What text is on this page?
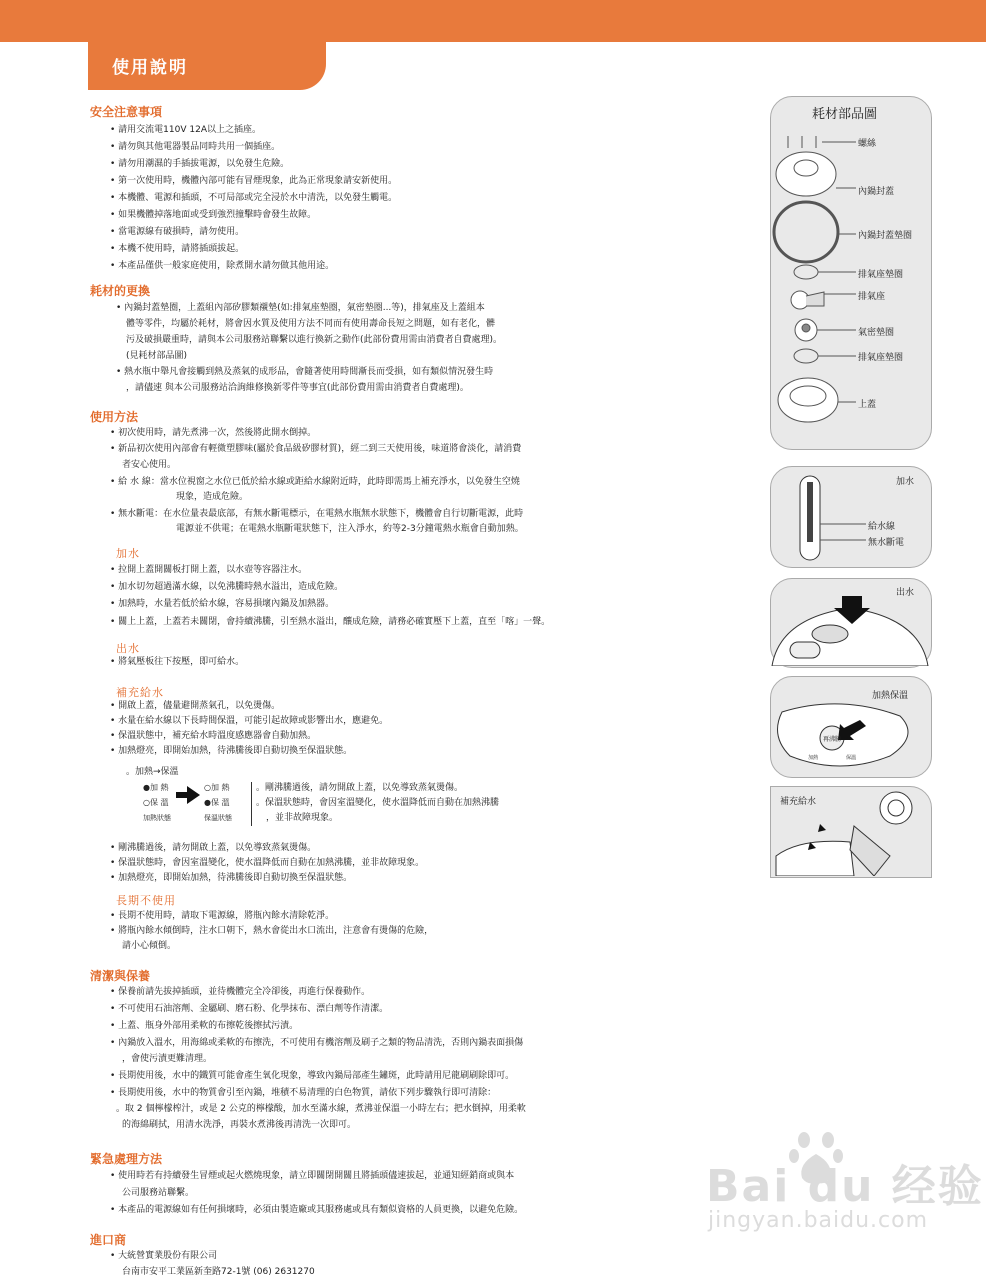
使用說明
安全注意事項
• 請用交流電110V 12A以上之插座。
• 請勿與其他電器製品同時共用一個插座。
• 請勿用潮濕的手插拔電源，以免發生危險。
• 第一次使用時，機體內部可能有冒煙現象，此為正常現象請安新使用。
• 本機體、電源和插頭，不可局部或完全浸於水中清洗，以免發生觸電。
• 如果機體掉落地面或受到強烈撞擊時會發生故障。
• 當電源線有破損時，請勿使用。
• 本機不使用時，請將插頭拔起。
• 本產品僅供一般家庭使用，除煮開水請勿做其他用途。
耗材的更換
• 內鍋封蓋墊圈，上蓋組內部矽膠類襯墊(如:排氣座墊圈，氣密墊圈...等)，排氣座及上蓋組本
體等零件，均屬於耗材，將會因水質及使用方法不同而有使用壽命長短之問題，如有老化，髒
污及破損嚴重時，請與本公司服務站聯繫以進行換新之動作(此部份費用需由消費者自費處理)。
(見耗材部品圖)
• 熱水瓶中舉凡會接觸到熱及蒸氣的成形品，會隨著使用時間漸長而受損，如有類似情況發生時
，請儘速 與本公司服務站洽詢維修換新零件等事宜(此部份費用需由消費者自費處理)。
使用方法
• 初次使用時，請先煮沸一次，然後將此開水倒掉。
• 新品初次使用內部會有輕微塑膠味(屬於食品級矽膠材質)，經二到三天使用後，味道將會淡化，請消費
者安心使用。
• 給 水 線：當水位視窗之水位已低於給水線或距給水線附近時，此時即需馬上補充淨水，以免發生空燒
現象，造成危險。
• 無水斷電：在水位量表最底部，有無水斷電標示，在電熱水瓶無水狀態下，機體會自行切斷電源，此時
電源並不供電；在電熱水瓶斷電狀態下，注入淨水，約等2-3分鐘電熱水瓶會自動加熱。
加水
• 拉開上蓋開關板打開上蓋，以水壺等容器注水。
• 加水切勿超過滿水線，以免沸騰時熱水溢出，造成危險。
• 加熱時，水量若低於給水線，容易損壞內鍋及加熱器。
• 關上上蓋，上蓋若未關閉，會持續沸騰，引至熱水溢出，釀成危險，請務必確實壓下上蓋，直至「喀」一聲。
出水
• 將氣壓板往下按壓，即可給水。
補充給水
• 開啟上蓋，儘量避開蒸氣孔，以免燙傷。
• 水量在給水線以下長時間保溫，可能引起故障或影響出水，應避免。
• 保溫狀態中，補充給水時溫度感應器會自動加熱。
• 加熱燈亮，即開始加熱，待沸騰後即自動切換至保溫狀態。
。加熱→保溫
●加 熱
○保 溫
加熱狀態
○加 熱
●保 溫
保溫狀態
。剛沸騰過後，請勿開啟上蓋，以免導致蒸氣燙傷。
。保溫狀態時，會因室溫變化，使水溫降低而自動在加熱沸騰
，並非故障現象。
• 剛沸騰過後，請勿開啟上蓋，以免導致蒸氣燙傷。
• 保溫狀態時，會因室溫變化，使水溫降低而自動在加熱沸騰，並非故障現象。
• 加熱燈亮，即開始加熱，待沸騰後即自動切換至保溫狀態。
長期不使用
• 長期不使用時，請取下電源線，將瓶內餘水清除乾淨。
• 將瓶內餘水傾倒時，注水口朝下，熱水會從出水口流出，注意會有燙傷的危險，
請小心傾倒。
清潔與保養
• 保養前請先拔掉插頭，並待機體完全冷卻後，再進行保養動作。
• 不可使用石油溶劑、金屬刷、磨石粉、化學抹布、漂白劑等作清潔。
• 上蓋、瓶身外部用柔軟的布擦乾後擦拭污漬。
• 內鍋放入溫水，用海綿或柔軟的布擦洗，不可使用有機溶劑及刷子之類的物品清洗，否則內鍋表面損傷
，會使污漬更難清理。
• 長期使用後，水中的鐵質可能會產生氧化現象，導致內鍋局部產生鏽斑，此時請用尼龍刷刷除即可。
• 長期使用後，水中的物質會引至內鍋，堆積不易清理的白色物質，請依下列步驟執行即可清除：
。取 2 個檸檬榨汁，或是 2 公克的檸檬酸，加水至滿水線，煮沸並保溫一小時左右；把水倒掉，用柔軟
的海綿刷拭，用清水洗淨，再裝水煮沸後再清洗一次即可。
緊急處理方法
• 使用時若有持續發生冒煙或起火燃燒現象，請立即關閉開關且將插頭儘速拔起，並通知經銷商或與本
公司服務站聯繫。
• 本產品的電源線如有任何損壞時，必須由製造廠或其服務處或具有類似資格的人員更換，以避免危險。
進口商
• 大統營實業股份有限公司
台南市安平工業區新奎路72-1號 (06) 2631270
耗材部品圖
螺絲
內鍋封蓋
內鍋封蓋墊圈
排氣座墊圈
排氣座
氣密墊圈
排氣座墊圈
上蓋
加水
給水線
無水斷電
出水
加熱保溫
再沸騰
加熱	保溫
補充給水
Bai du 经验
jingyan.baidu.com
